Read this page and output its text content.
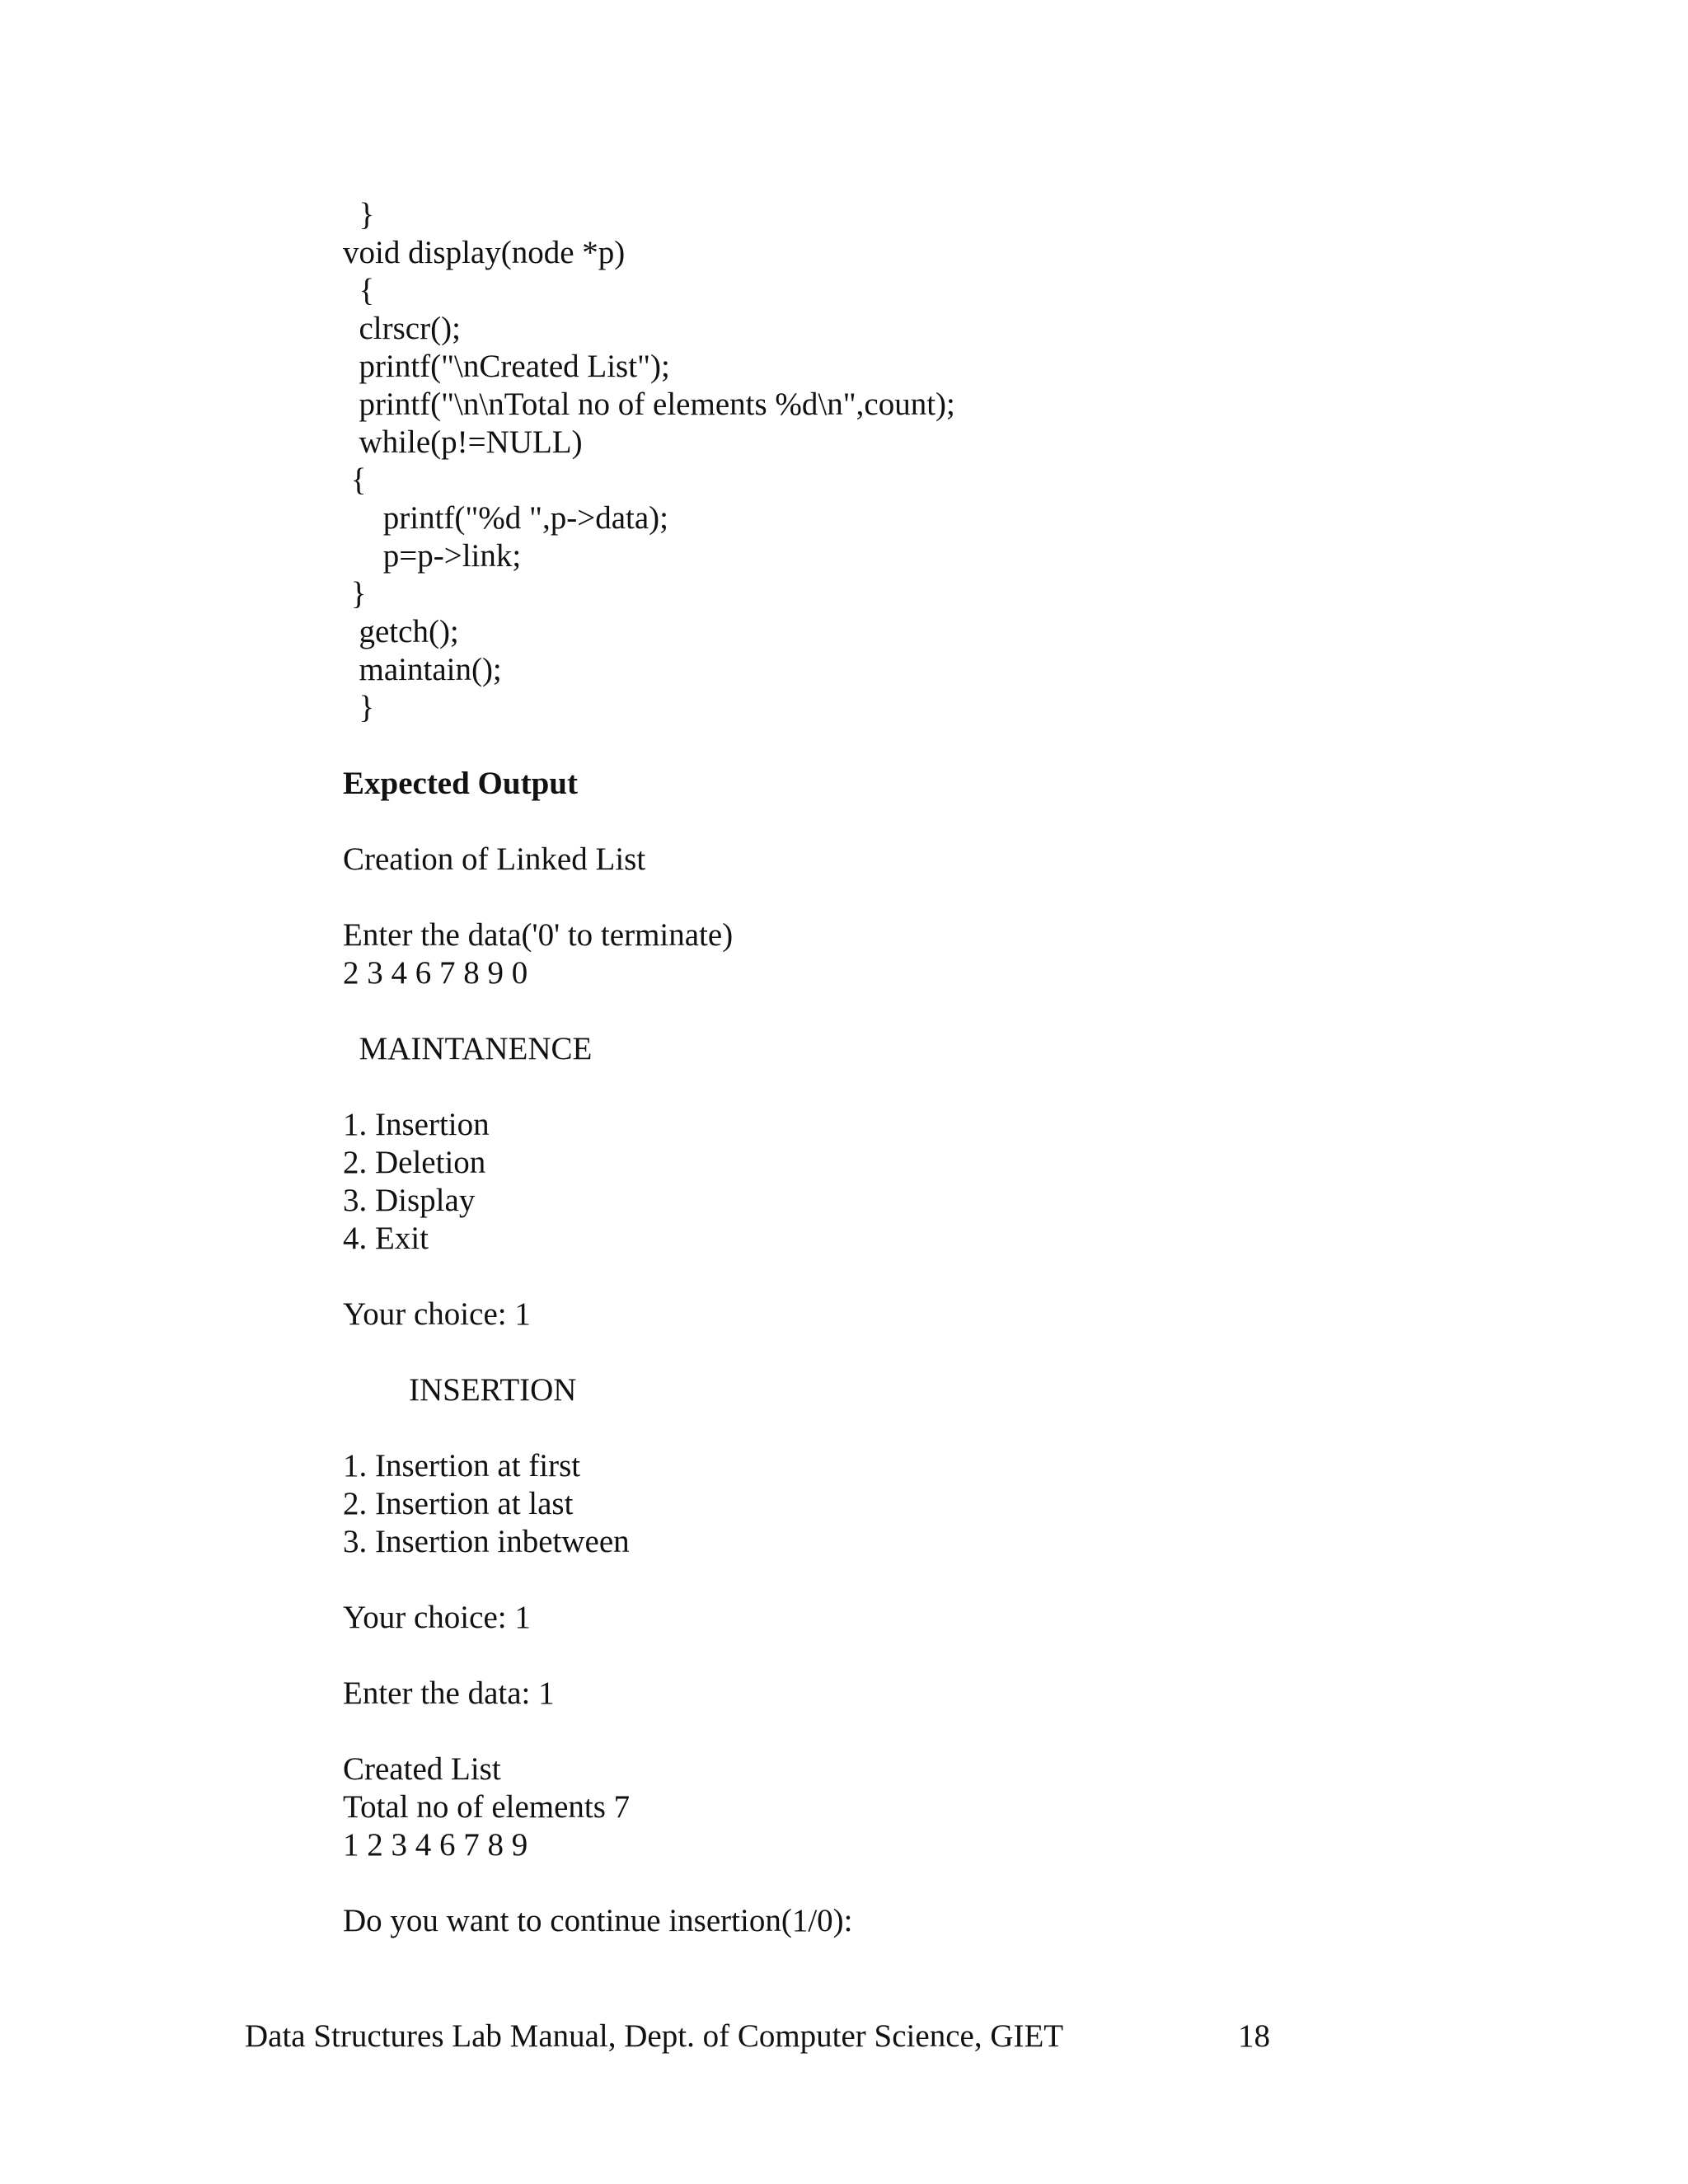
}
void display(node *p)
{
clrscr();
printf("\nCreated List");
printf("\n\nTotal no of elements %d\n",count);
while(p!=NULL)
{
printf("%d ",p->data);
p=p->link;
}
getch();
maintain();
}
Expected Output
Creation of Linked List
Enter the data('0' to terminate)
2 3 4 6 7 8 9 0
MAINTANENCE
1. Insertion
2. Deletion
3. Display
4. Exit
Your choice: 1
INSERTION
1. Insertion at first
2. Insertion at last
3. Insertion inbetween
Your choice: 1
Enter the data: 1
Created List
Total no of elements 7
1 2 3 4 6 7 8 9
Do you want to continue insertion(1/0):
Data Structures Lab Manual, Dept. of Computer Science, GIET	18
